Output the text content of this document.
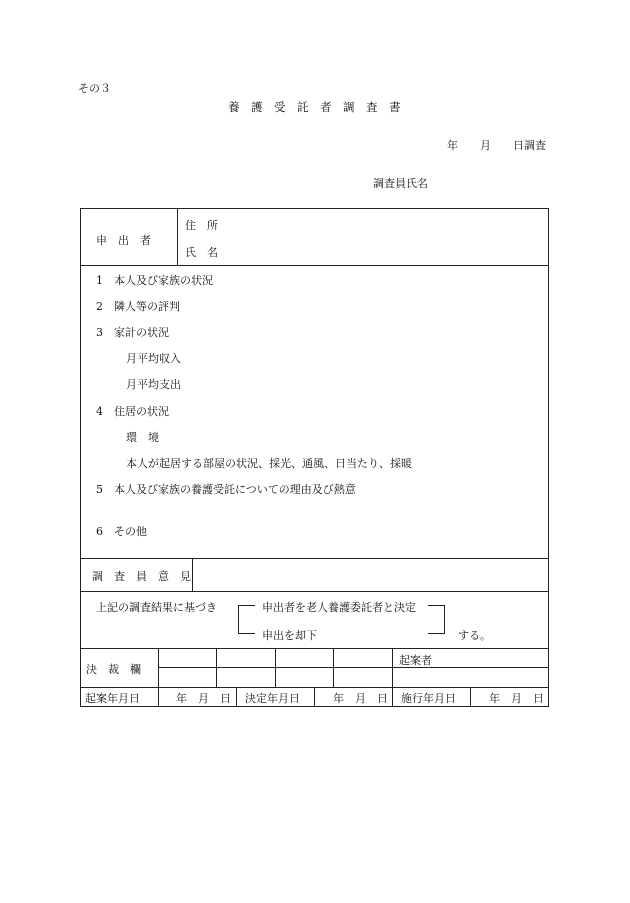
その３
養　護　受　託　者　調　査　書
年　　月　　日調査
調査員氏名
申　出　者
住　所
氏　名
1　本人及び家族の状況
2　隣人等の評判
3　家計の状況
月平均収入
月平均支出
4　住居の状況
環　境
本人が起居する部屋の状況、採光、通風、日当たり、採暖
5　本人及び家族の養護受託についての理由及び熱意
6　その他
調　査　員　意　見
上記の調査結果に基づき	申出者を老人養護委託者と決定
申出を却下	する。
決　裁　欄
起案者
起案年月日	年　月　日 決定年月日	年　月　日 施行年月日	年　月　日
